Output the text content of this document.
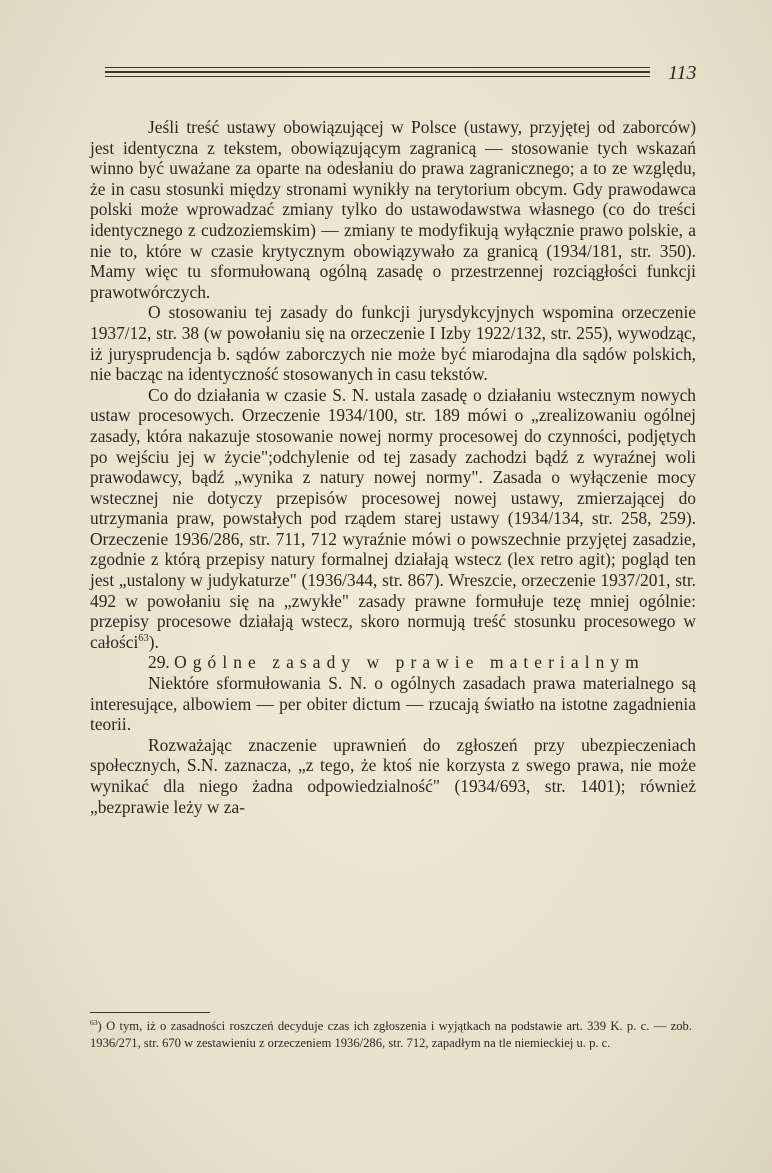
113

Jeśli treść ustawy obowiązującej w Polsce (ustawy, przyjętej od zaborców) jest identyczna z tekstem, obowiązującym zagranicą — stosowanie tych wskazań winno być uważane za oparte na odesłaniu do prawa zagranicznego; a to ze względu, że in casu stosunki między stronami wynikły na terytorium obcym. Gdy prawodawca polski może wprowadzać zmiany tylko do ustawodawstwa własnego (co do treści identycznego z cudzoziemskim) — zmiany te modyfikują wyłącznie prawo polskie, a nie to, które w czasie krytycznym obowiązywało za granicą (1934/181, str. 350). Mamy więc tu sformułowaną ogólną zasadę o przestrzennej rozciągłości funkcji prawotwórczych.

O stosowaniu tej zasady do funkcji jurysdykcyjnych wspomina orzeczenie 1937/12, str. 38 (w powołaniu się na orzeczenie I Izby 1922/132, str. 255), wywodząc, iż jurysprudencja b. sądów zaborczych nie może być miarodajna dla sądów polskich, nie bacząc na identyczność stosowanych in casu tekstów.

Co do działania w czasie S. N. ustala zasadę o działaniu wstecznym nowych ustaw procesowych. Orzeczenie 1934/100, str. 189 mówi o „zrealizowaniu ogólnej zasady, która nakazuje stosowanie nowej normy procesowej do czynności, podjętych po wejściu jej w życie";odchylenie od tej zasady zachodzi bądź z wyraźnej woli prawodawcy, bądź „wynika z natury nowej normy". Zasada o wyłączenie mocy wstecznej nie dotyczy przepisów procesowej nowej ustawy, zmierzającej do utrzymania praw, powstałych pod rządem starej ustawy (1934/134, str. 258, 259). Orzeczenie 1936/286, str. 711, 712 wyraźnie mówi o powszechnie przyjętej zasadzie, zgodnie z którą przepisy natury formalnej działają wstecz (lex retro agit); pogląd ten jest „ustalony w judykaturze" (1936/344, str. 867). Wreszcie, orzeczenie 1937/201, str. 492 w powołaniu się na „zwykłe" zasady prawne formułuje tezę mniej ogólnie: przepisy procesowe działają wstecz, skoro normują treść stosunku procesowego w całości$^{63}$).

29. Ogólne zasady w prawie materialnym

Niektóre sformułowania S. N. o ogólnych zasadach prawa materialnego są interesujące, albowiem — per obiter dictum — rzucają światło na istotne zagadnienia teorii.

Rozważając znaczenie uprawnień do zgłoszeń przy ubezpieczeniach społecznych, S.N. zaznacza, „z tego, że ktoś nie korzysta z swego prawa, nie może wynikać dla niego żadna odpowiedzialność" (1934/693, str. 1401); również „bezprawie leży w za-

$^{63}$) O tym, iż o zasadności roszczeń decyduje czas ich zgłoszenia i wyjątkach na podstawie art. 339 K. p. c. — zob. 1936/271, str. 670 w zestawieniu z orzeczeniem 1936/286, str. 712, zapadłym na tle niemieckiej u. p. c.
